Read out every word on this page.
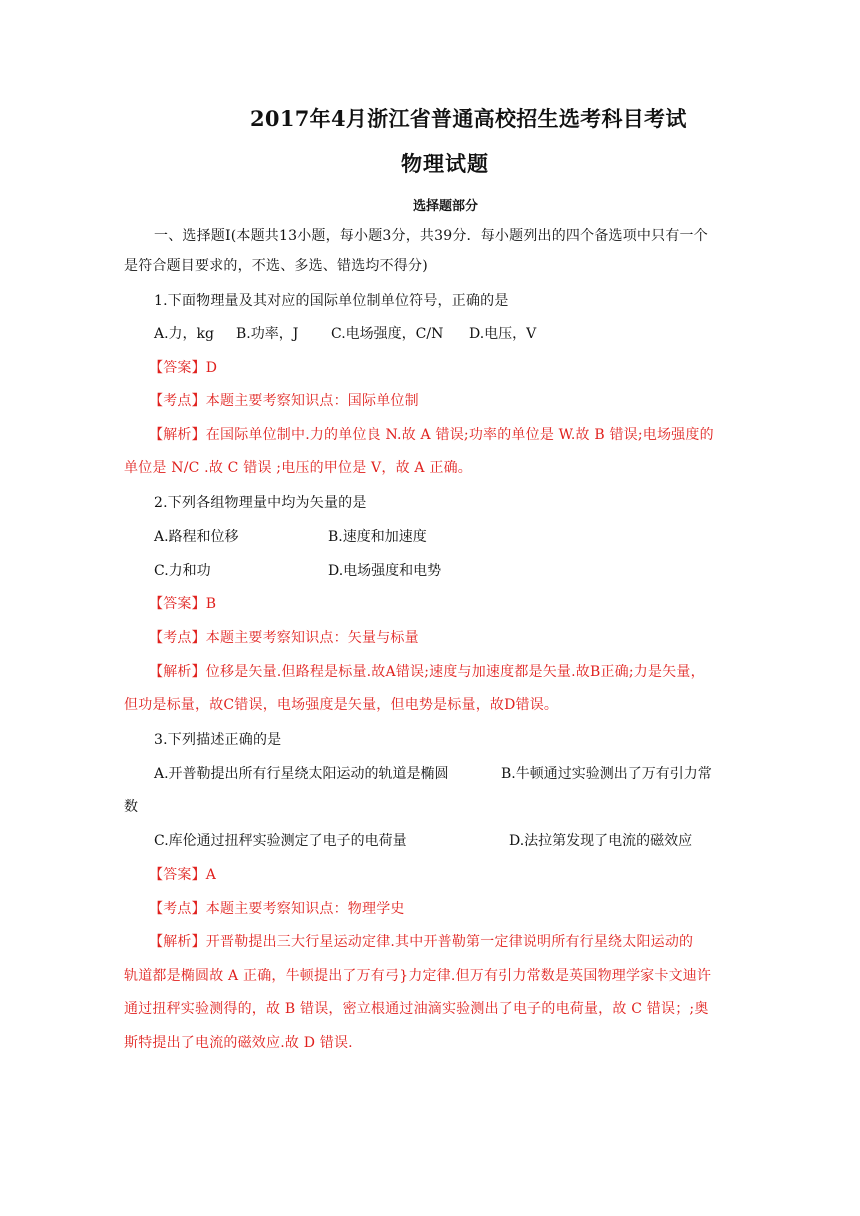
2017年4月浙江省普通高校招生选考科目考试
物理试题
选择题部分
一、选择题Ⅰ(本题共13小题，每小题3分，共39分．每小题列出的四个备选项中只有一个
是符合题目要求的，不选、多选、错选均不得分)
1.下面物理量及其对应的国际单位制单位符号，正确的是
A.力，kg B.功率，J C.电场强度，C/N D.电压，V
【答案】D
【考点】本题主要考察知识点：国际单位制
【解析】在国际单位制中.力的单位良 N.故 A 错误;功率的单位是 W.故 B 错误;电场强度的
单位是 N/C .故 C 错误 ;电压的甲位是 V，故 A 正确。
2.下列各组物理量中均为矢量的是
A.路程和位移	B.速度和加速度
C.力和功	D.电场强度和电势
【答案】B
【考点】本题主要考察知识点：矢量与标量
【解析】位移是矢量.但路程是标量.故A错误;速度与加速度都是矢量.故B正确;力是矢量，
但功是标量，故C错误，电场强度是矢量，但电势是标量，故D错误。
3.下列描述正确的是
A.开普勒提出所有行星绕太阳运动的轨道是椭圆	B.牛顿通过实验测出了万有引力常
数
C.库伦通过扭秤实验测定了电子的电荷量	D.法拉第发现了电流的磁效应
【答案】A
【考点】本题主要考察知识点：物理学史
【解析】开晋勒提出三大行星运动定律.其中开普勒第一定律说明所有行星绕太阳运动的
轨道都是椭圆故 A 正确，牛顿提出了万有弓}力定律.但万有引力常数是英国物理学家卡文迪许
通过扭秤实验测得的，故 B 错误，密立根通过油滴实验测出了电子的电荷量，故 C 错误；;奥
斯特提出了电流的磁效应.故 D 错误.
